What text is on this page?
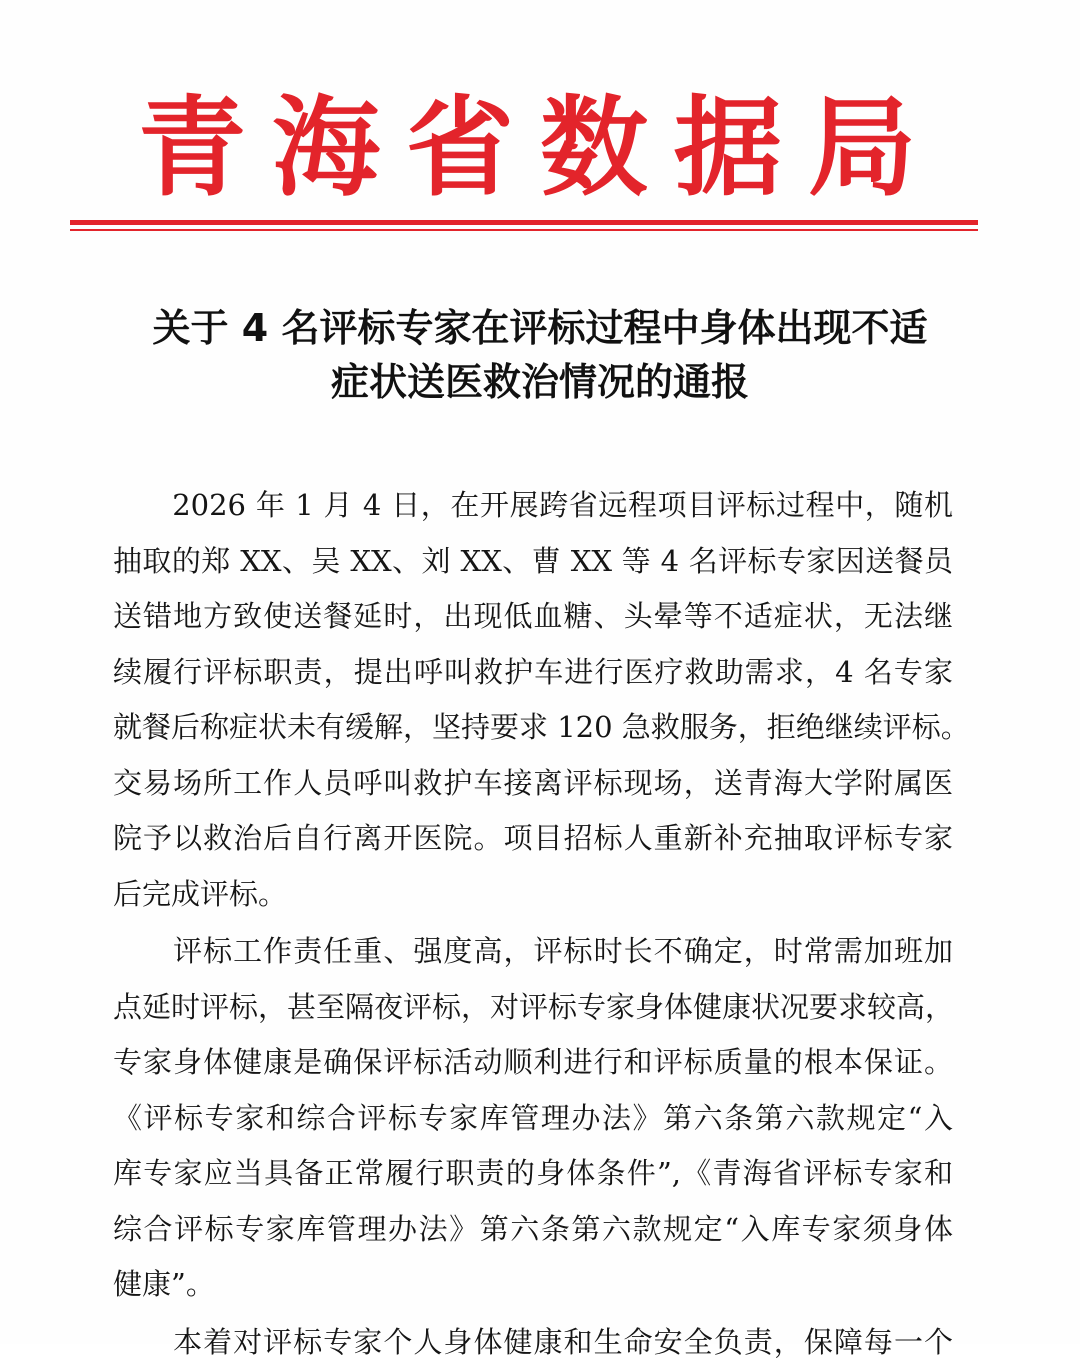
青海省数据局
关于 4 名评标专家在评标过程中身体出现不适
症状送医救治情况的通报
　　2026 年 1 月 4 日，在开展跨省远程项目评标过程中，随机
抽取的郑 XX、吴 XX、刘 XX、曹 XX 等 4 名评标专家因送餐员
送错地方致使送餐延时，出现低血糖、头晕等不适症状，无法继
续履行评标职责，提出呼叫救护车进行医疗救助需求，4 名专家
就餐后称症状未有缓解，坚持要求 120 急救服务，拒绝继续评标。
交易场所工作人员呼叫救护车接离评标现场，送青海大学附属医
院予以救治后自行离开医院。项目招标人重新补充抽取评标专家
后完成评标。
　　评标工作责任重、强度高，评标时长不确定，时常需加班加
点延时评标，甚至隔夜评标，对评标专家身体健康状况要求较高，
专家身体健康是确保评标活动顺利进行和评标质量的根本保证。
《评标专家和综合评标专家库管理办法》第六条第六款规定“入
库专家应当具备正常履行职责的身体条件”,《青海省评标专家和
综合评标专家库管理办法》第六条第六款规定“入库专家须身体
健康”。
　　本着对评标专家个人身体健康和生命安全负责，保障每一个
